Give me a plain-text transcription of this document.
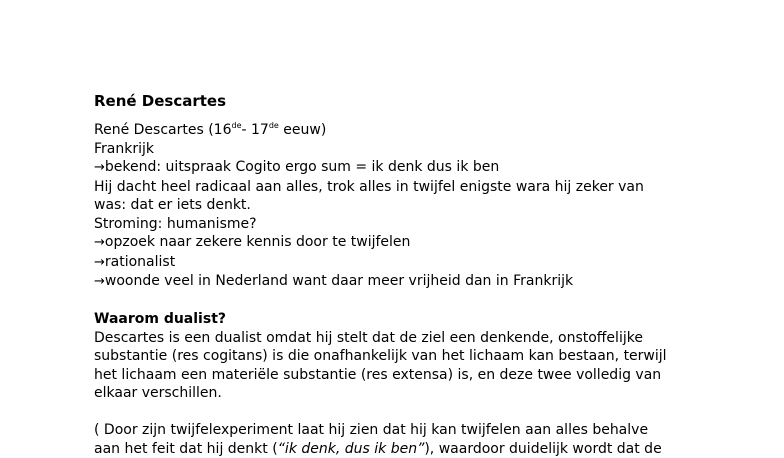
René Descartes
René Descartes (16de- 17de eeuw)
Frankrijk
→bekend: uitspraak Cogito ergo sum = ik denk dus ik ben
Hij dacht heel radicaal aan alles, trok alles in twijfel enigste wara hij zeker van
was: dat er iets denkt.
Stroming: humanisme?
→opzoek naar zekere kennis door te twijfelen
→rationalist
→woonde veel in Nederland want daar meer vrijheid dan in Frankrijk
Waarom dualist?
Descartes is een dualist omdat hij stelt dat de ziel een denkende, onstoffelijke
substantie (res cogitans) is die onafhankelijk van het lichaam kan bestaan, terwijl
het lichaam een materiële substantie (res extensa) is, en deze twee volledig van
elkaar verschillen.
( Door zijn twijfelexperiment laat hij zien dat hij kan twijfelen aan alles behalve
aan het feit dat hij denkt (“ik denk, dus ik ben”), waardoor duidelijk wordt dat de
